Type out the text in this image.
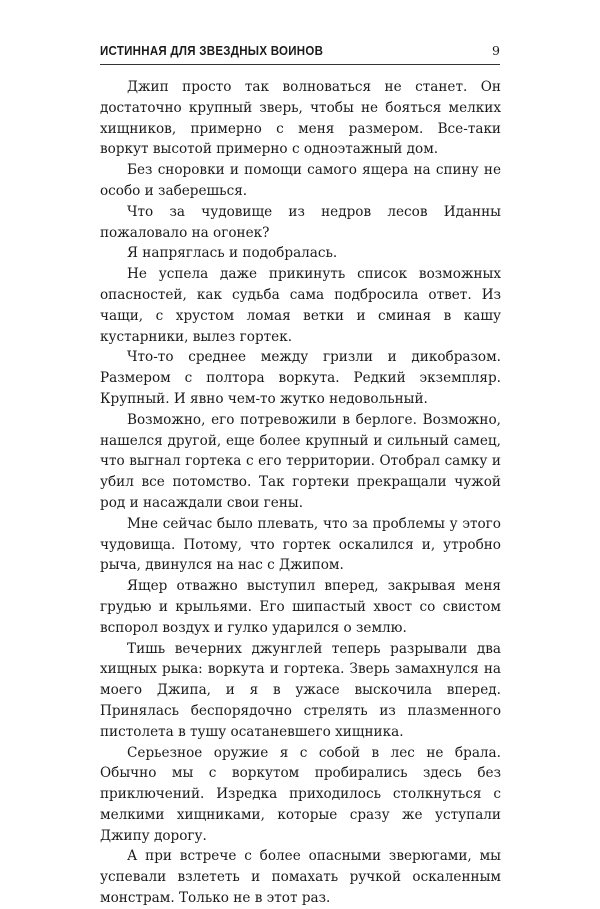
ИСТИННАЯ ДЛЯ ЗВЕЗДНЫХ ВОИНОВ	9

Джип просто так волноваться не станет. Он достаточно крупный зверь, чтобы не бояться мелких хищников, примерно с меня размером. Все-таки воркут высотой примерно с одноэтажный дом.

Без сноровки и помощи самого ящера на спину не особо и заберешься.

Что за чудовище из недров лесов Иданны пожаловало на огонек?

Я напряглась и подобралась.

Не успела даже прикинуть список возможных опасностей, как судьба сама подбросила ответ. Из чащи, с хрустом ломая ветки и сминая в кашу кустарники, вылез гортек.

Что-то среднее между гризли и дикобразом. Размером с полтора воркута. Редкий экземпляр. Крупный. И явно чем-то жутко недовольный.

Возможно, его потревожили в берлоге. Возможно, нашелся другой, еще более крупный и сильный самец, что выгнал гортека с его территории. Отобрал самку и убил все потомство. Так гортеки прекращали чужой род и насаждали свои гены.

Мне сейчас было плевать, что за проблемы у этого чудовища. Потому, что гортек оскалился и, утробно рыча, двинулся на нас с Джипом.

Ящер отважно выступил вперед, закрывая меня грудью и крыльями. Его шипастый хвост со свистом вспорол воздух и гулко ударился о землю.

Тишь вечерних джунглей теперь разрывали два хищных рыка: воркута и гортека. Зверь замахнулся на моего Джипа, и я в ужасе выскочила вперед. Принялась беспорядочно стрелять из плазменного пистолета в тушу осатаневшего хищника.

Серьезное оружие я с собой в лес не брала. Обычно мы с воркутом пробирались здесь без приключений. Изредка приходилось столкнуться с мелкими хищниками, которые сразу же уступали Джипу дорогу.

А при встрече с более опасными зверюгами, мы успевали взлететь и помахать ручкой оскаленным монстрам. Только не в этот раз.
